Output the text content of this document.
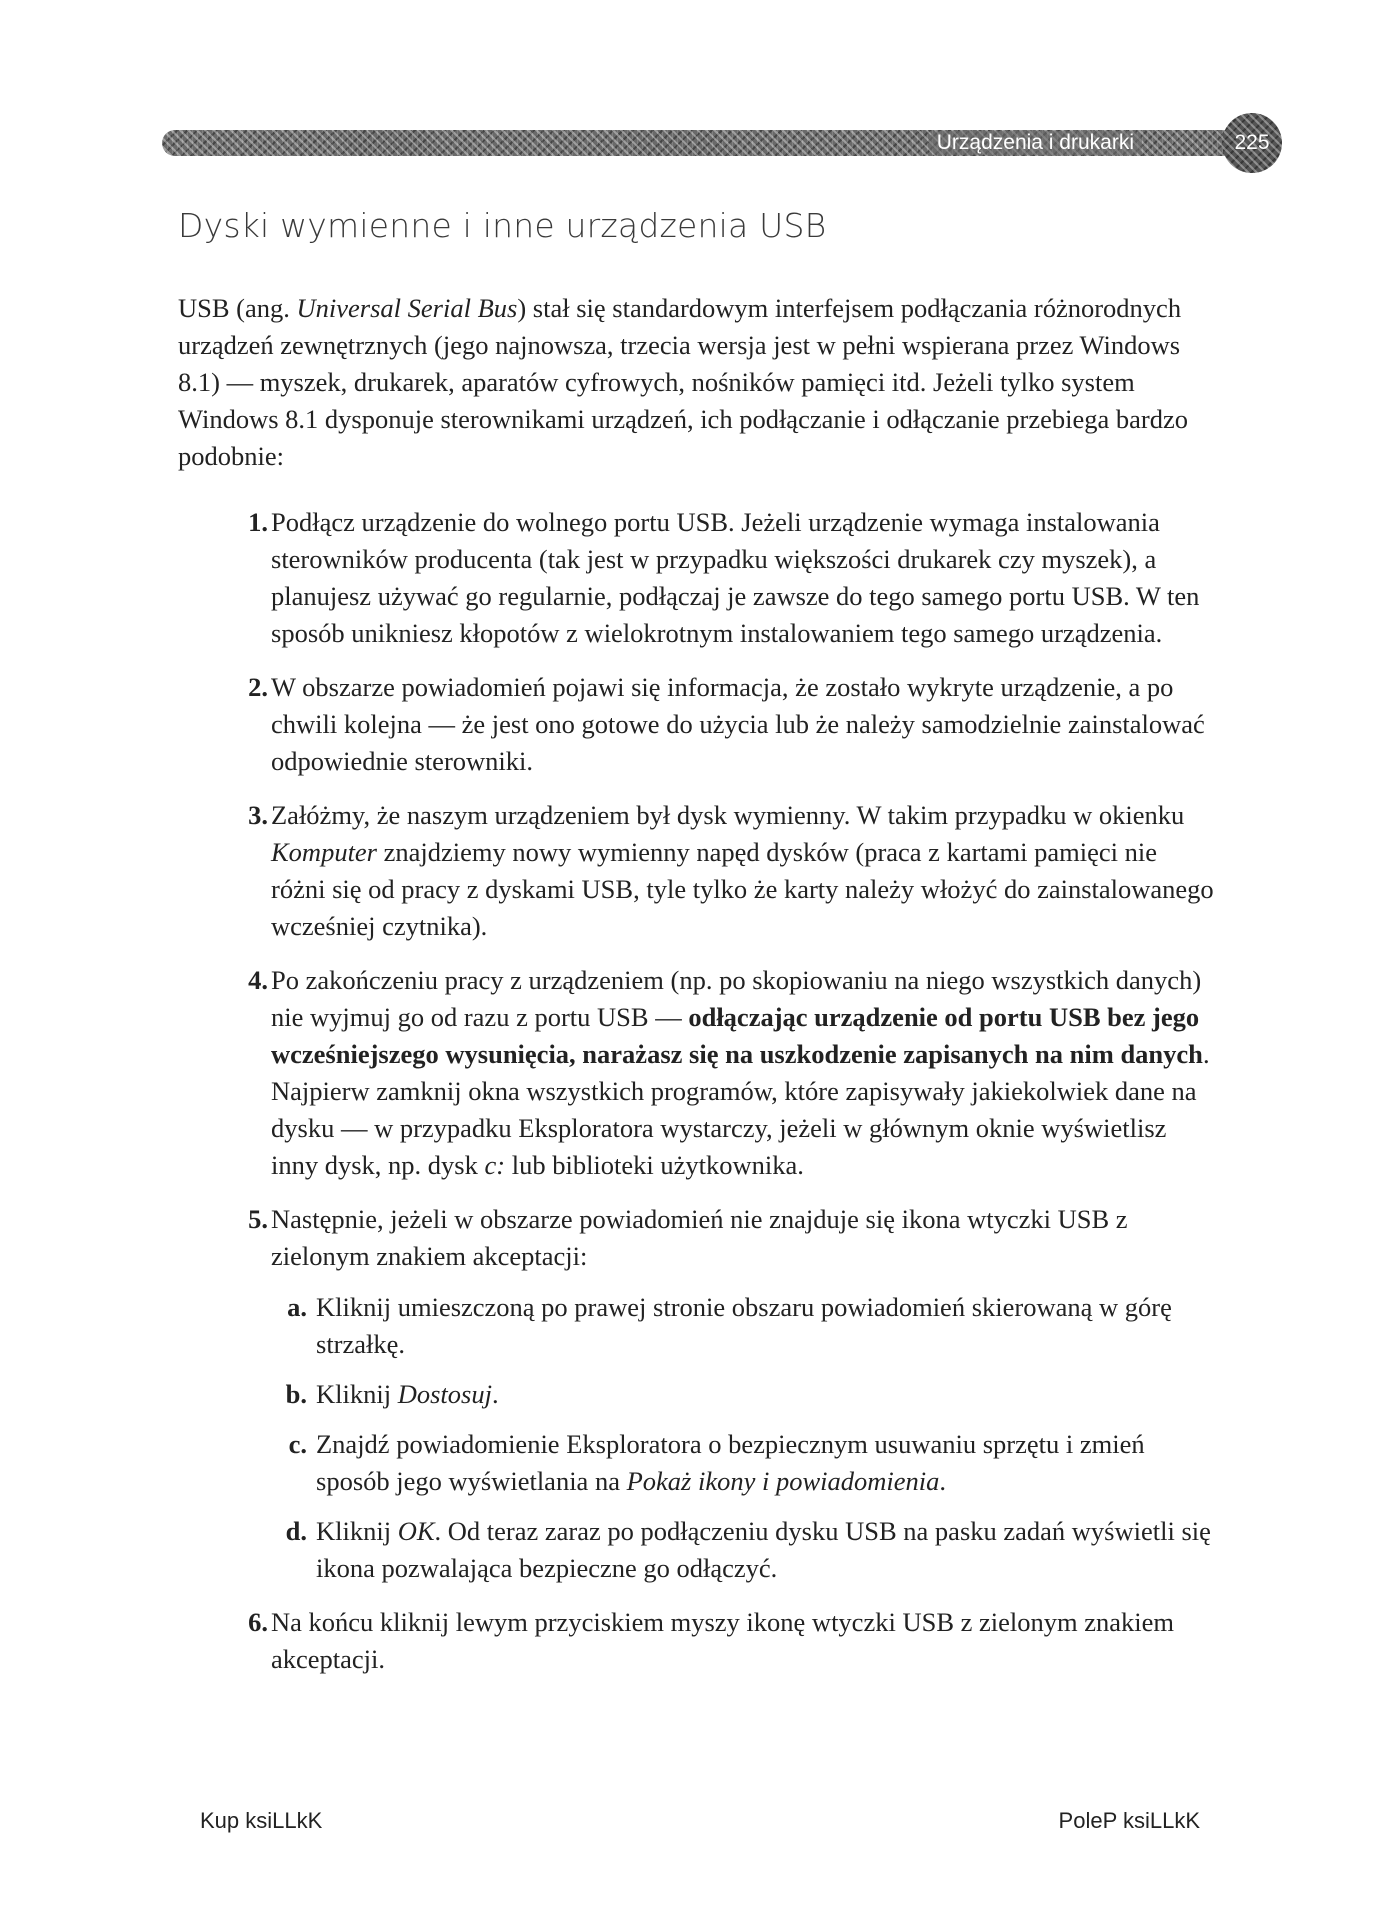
Urządzenia i drukarki	225
Dyski wymienne i inne urządzenia USB

USB (ang. Universal Serial Bus) stał się standardowym interfejsem podłączania różnorodnych urządzeń zewnętrznych (jego najnowsza, trzecia wersja jest w pełni wspierana przez Windows 8.1) — myszek, drukarek, aparatów cyfrowych, nośników pamięci itd. Jeżeli tylko system Windows 8.1 dysponuje sterownikami urządzeń, ich podłączanie i odłączanie przebiega bardzo podobnie:

1. Podłącz urządzenie do wolnego portu USB. Jeżeli urządzenie wymaga instalowania sterowników producenta (tak jest w przypadku większości drukarek czy myszek), a planujesz używać go regularnie, podłączaj je zawsze do tego samego portu USB. W ten sposób unikniesz kłopotów z wielokrotnym instalowaniem tego samego urządzenia.
2. W obszarze powiadomień pojawi się informacja, że zostało wykryte urządzenie, a po chwili kolejna — że jest ono gotowe do użycia lub że należy samodzielnie zainstalować odpowiednie sterowniki.
3. Załóżmy, że naszym urządzeniem był dysk wymienny. W takim przypadku w okienku Komputer znajdziemy nowy wymienny napęd dysków (praca z kartami pamięci nie różni się od pracy z dyskami USB, tyle tylko że karty należy włożyć do zainstalowanego wcześniej czytnika).
4. Po zakończeniu pracy z urządzeniem (np. po skopiowaniu na niego wszystkich danych) nie wyjmuj go od razu z portu USB — odłączając urządzenie od portu USB bez jego wcześniejszego wysunięcia, narażasz się na uszkodzenie zapisanych na nim danych. Najpierw zamknij okna wszystkich programów, które zapisywały jakiekolwiek dane na dysku — w przypadku Eksploratora wystarczy, jeżeli w głównym oknie wyświetlisz inny dysk, np. dysk c: lub biblioteki użytkownika.
5. Następnie, jeżeli w obszarze powiadomień nie znajduje się ikona wtyczki USB z zielonym znakiem akceptacji:
a. Kliknij umieszczoną po prawej stronie obszaru powiadomień skierowaną w górę strzałkę.
b. Kliknij Dostosuj.
c. Znajdź powiadomienie Eksploratora o bezpiecznym usuwaniu sprzętu i zmień sposób jego wyświetlania na Pokaż ikony i powiadomienia.
d. Kliknij OK. Od teraz zaraz po podłączeniu dysku USB na pasku zadań wyświetli się ikona pozwalająca bezpieczne go odłączyć.
6. Na końcu kliknij lewym przyciskiem myszy ikonę wtyczki USB z zielonym znakiem akceptacji.
Kup ksiLLkK	PoleP ksiLLkK
